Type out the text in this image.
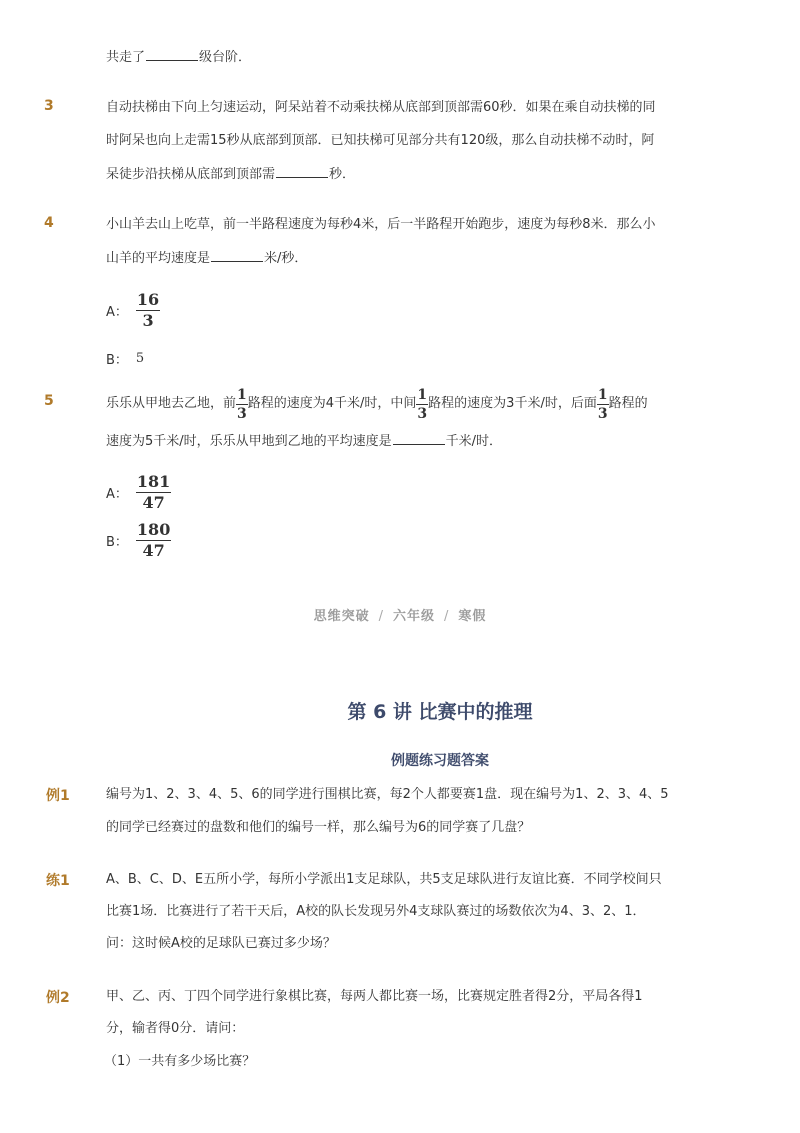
共走了	级台阶．
3	自动扶梯由下向上匀速运动，阿呆站着不动乘扶梯从底部到顶部需60秒．如果在乘自动扶梯的同
时阿呆也向上走需15秒从底部到顶部．已知扶梯可见部分共有120级，那么自动扶梯不动时，阿
呆徒步沿扶梯从底部到顶部需	秒．
4	小山羊去山上吃草，前一半路程速度为每秒4米，后一半路程开始跑步，速度为每秒8米．那么小
山羊的平均速度是	米/秒．
A： $\frac{16}{3}$
B： 5
5	乐乐从甲地去乙地，前 $\frac{1}{3}$ 路程的速度为4千米/时，中间 $\frac{1}{3}$ 路程的速度为3千米/时，后面 $\frac{1}{3}$ 路程的
速度为5千米/时，乐乐从甲地到乙地的平均速度是	千米/时．
A： $\frac{181}{47}$
B： $\frac{180}{47}$
思维突破 / 六年级 / 寒假
第 6 讲 比赛中的推理
例题练习题答案
例1	编号为1、2、3、4、5、6的同学进行围棋比赛，每2个人都要赛1盘．现在编号为1、2、3、4、5
的同学已经赛过的盘数和他们的编号一样，那么编号为6的同学赛了几盘？
练1	A、B、C、D、E五所小学，每所小学派出1支足球队，共5支足球队进行友谊比赛．不同学校间只
比赛1场．比赛进行了若干天后，A校的队长发现另外4支球队赛过的场数依次为4、3、2、1．
问：这时候A校的足球队已赛过多少场？
例2	甲、乙、丙、丁四个同学进行象棋比赛，每两人都比赛一场，比赛规定胜者得2分，平局各得1
分，输者得0分．请问：
（1）一共有多少场比赛？
